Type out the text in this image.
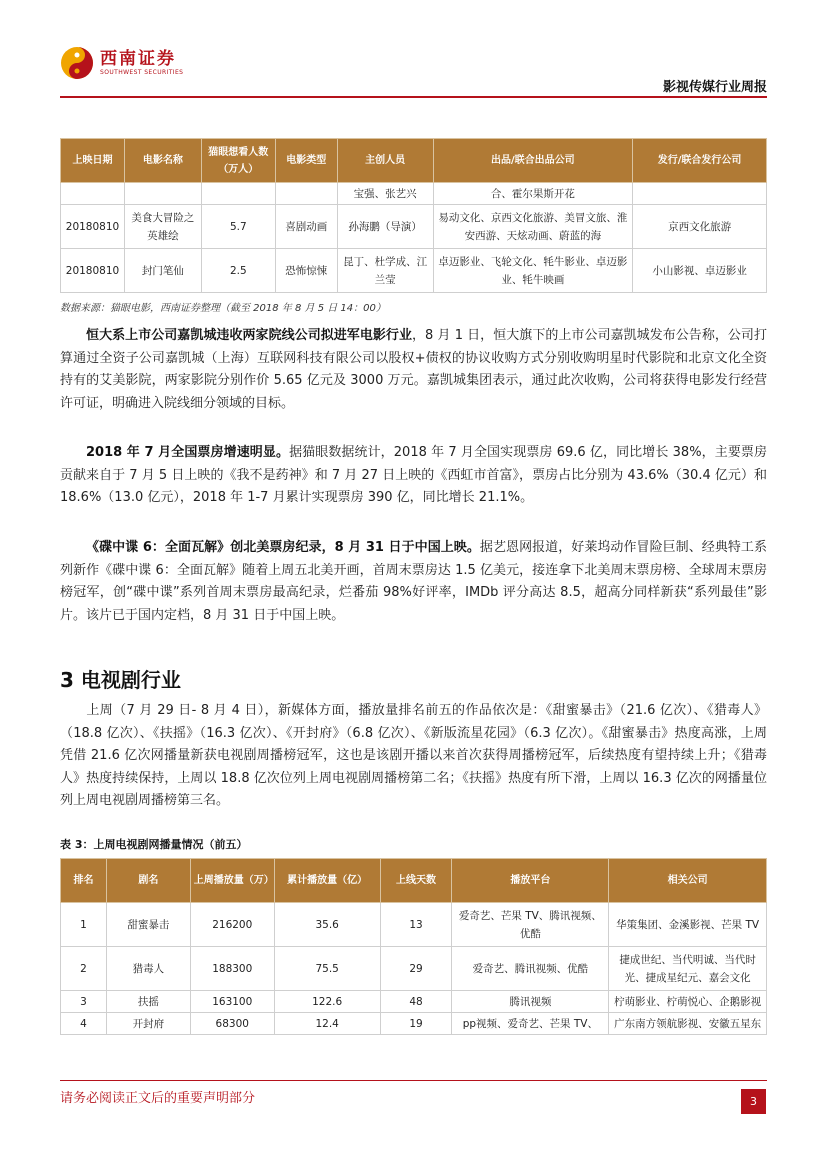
西南证券
SOUTHWEST SECURITIES
影视传媒行业周报
上映日期	电影名称	猫眼想看人数（万人）	电影类型	主创人员	出品/联合出品公司	发行/联合发行公司
				宝强、张艺兴	合、霍尔果斯开花	
20180810	美食大冒险之英雄绘	5.7	喜剧动画	孙海鹏（导演）	易动文化、京西文化旅游、美冒文旅、淮安西游、天炫动画、蔚蓝的海	京西文化旅游
20180810	封门笔仙	2.5	恐怖惊悚	昆丁、杜学成、江兰莹	卓迈影业、飞轮文化、牦牛影业、卓迈影业、牦牛映画	小山影视、卓迈影业
数据来源：猫眼电影，西南证券整理（截至 2018 年 8 月 5 日 14：00）
恒大系上市公司嘉凯城违收两家院线公司拟进军电影行业，8 月 1 日，恒大旗下的上市公司嘉凯城发布公告称，公司打算通过全资子公司嘉凯城（上海）互联网科技有限公司以股权+债权的协议收购方式分别收购明星时代影院和北京文化全资持有的艾美影院，两家影院分别作价 5.65 亿元及 3000 万元。嘉凯城集团表示，通过此次收购，公司将获得电影发行经营许可证，明确进入院线细分领域的目标。
2018 年 7 月全国票房增速明显。据猫眼数据统计，2018 年 7 月全国实现票房 69.6 亿，同比增长 38%，主要票房贡献来自于 7 月 5 日上映的《我不是药神》和 7 月 27 日上映的《西虹市首富》，票房占比分别为 43.6%（30.4 亿元）和 18.6%（13.0 亿元），2018 年 1-7 月累计实现票房 390 亿，同比增长 21.1%。
《碟中谍 6：全面瓦解》创北美票房纪录，8 月 31 日于中国上映。据艺恩网报道，好莱坞动作冒险巨制、经典特工系列新作《碟中谍 6：全面瓦解》随着上周五北美开画，首周末票房达 1.5 亿美元，接连拿下北美周末票房榜、全球周末票房榜冠军，创“碟中谍”系列首周末票房最高纪录，烂番茄 98%好评率，IMDb 评分高达 8.5，超高分同样新获“系列最佳”影片。该片已于国内定档，8 月 31 日于中国上映。
3 电视剧行业
上周（7 月 29 日- 8 月 4 日），新媒体方面，播放量排名前五的作品依次是：《甜蜜暴击》（21.6 亿次）、《猎毒人》（18.8 亿次）、《扶摇》（16.3 亿次）、《开封府》（6.8 亿次）、《新版流星花园》（6.3 亿次）。《甜蜜暴击》热度高涨，上周凭借 21.6 亿次网播量新获电视剧周播榜冠军，这也是该剧开播以来首次获得周播榜冠军，后续热度有望持续上升；《猎毒人》热度持续保持，上周以 18.8 亿次位列上周电视剧周播榜第二名；《扶摇》热度有所下滑，上周以 16.3 亿次的网播量位列上周电视剧周播榜第三名。
表 3：上周电视剧网播量情况（前五）
排名	剧名	上周播放量（万）	累计播放量（亿）	上线天数	播放平台	相关公司
1	甜蜜暴击	216200	35.6	13	爱奇艺、芒果 TV、腾讯视频、优酷	华策集团、金溪影视、芒果 TV
2	猎毒人	188300	75.5	29	爱奇艺、腾讯视频、优酷	捷成世纪、当代明诚、当代时光、捷成星纪元、嘉会文化
3	扶摇	163100	122.6	48	腾讯视频	柠萌影业、柠萌悦心、企鹅影视
4	开封府	68300	12.4	19	pp视频、爱奇艺、芒果 TV、	广东南方领航影视、安徽五星东
请务必阅读正文后的重要声明部分	3
